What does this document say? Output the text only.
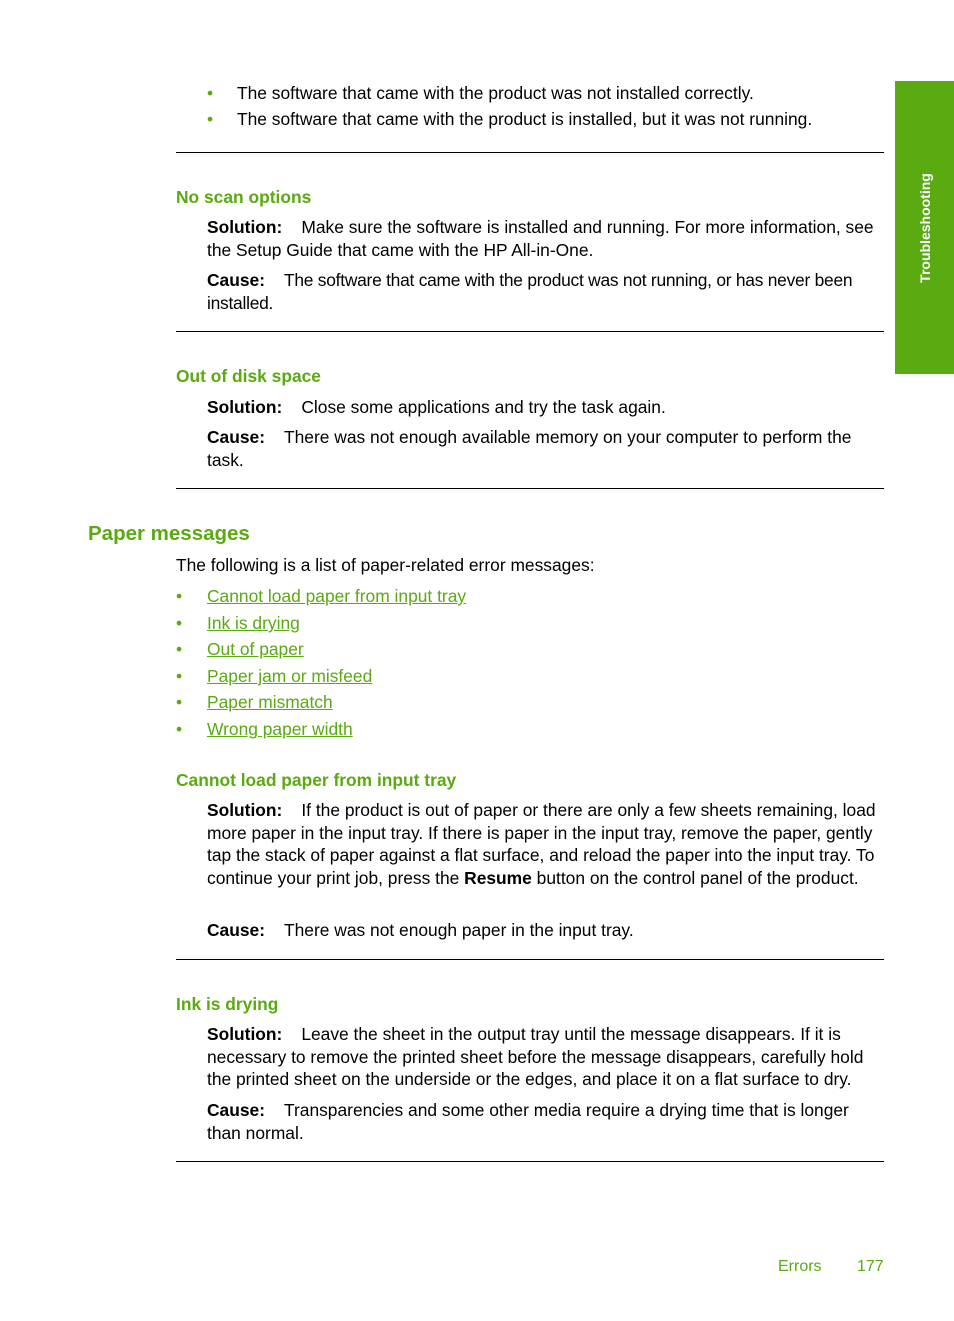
Troubleshooting
• The software that came with the product was not installed correctly.
• The software that came with the product is installed, but it was not running.
No scan options
Solution: Make sure the software is installed and running. For more information, see the Setup Guide that came with the HP All-in-One.
Cause: The software that came with the product was not running, or has never been installed.
Out of disk space
Solution: Close some applications and try the task again.
Cause: There was not enough available memory on your computer to perform the task.
Paper messages
The following is a list of paper-related error messages:
• Cannot load paper from input tray
• Ink is drying
• Out of paper
• Paper jam or misfeed
• Paper mismatch
• Wrong paper width
Cannot load paper from input tray
Solution: If the product is out of paper or there are only a few sheets remaining, load more paper in the input tray. If there is paper in the input tray, remove the paper, gently tap the stack of paper against a flat surface, and reload the paper into the input tray. To continue your print job, press the Resume button on the control panel of the product.
Cause: There was not enough paper in the input tray.
Ink is drying
Solution: Leave the sheet in the output tray until the message disappears. If it is necessary to remove the printed sheet before the message disappears, carefully hold the printed sheet on the underside or the edges, and place it on a flat surface to dry.
Cause: Transparencies and some other media require a drying time that is longer than normal.
Errors 177
